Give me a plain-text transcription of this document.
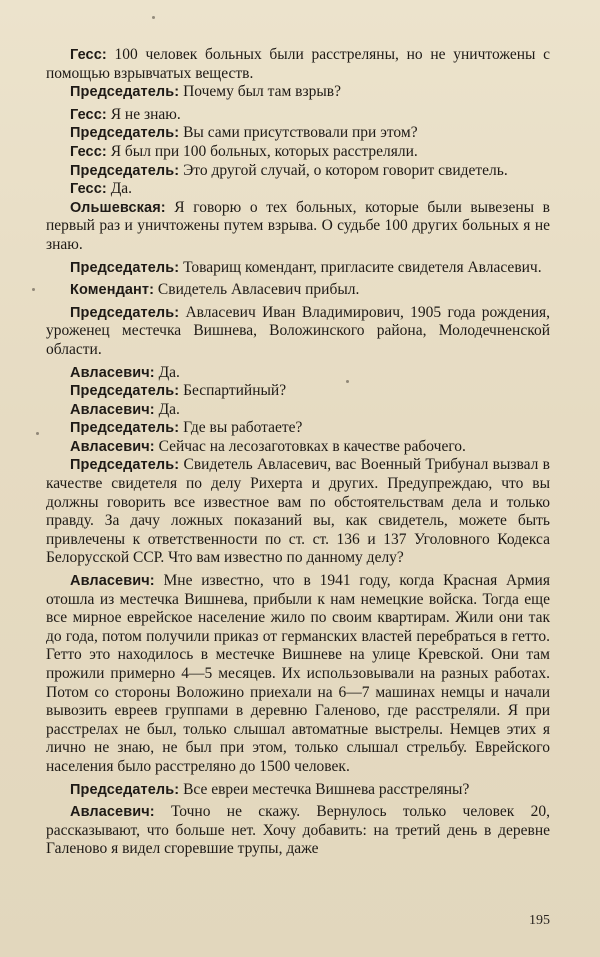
Гесс: 100 человек больных были расстреляны, но не уничтожены с помощью взрывчатых веществ.

Председатель: Почему был там взрыв?

Гесс: Я не знаю.

Председатель: Вы сами присутствовали при этом?

Гесс: Я был при 100 больных, которых расстреляли.

Председатель: Это другой случай, о котором говорит свидетель.

Гесс: Да.

Ольшевская: Я говорю о тех больных, которые были вывезены в первый раз и уничтожены путем взрыва. О судьбе 100 других больных я не знаю.

Председатель: Товарищ комендант, пригласите свидетеля Авласевич.

Комендант: Свидетель Авласевич прибыл.

Председатель: Авласевич Иван Владимирович, 1905 года рождения, уроженец местечка Вишнева, Воложинского района, Молодечненской области.

Авласевич: Да.

Председатель: Беспартийный?

Авласевич: Да.

Председатель: Где вы работаете?

Авласевич: Сейчас на лесозаготовках в качестве рабочего.

Председатель: Свидетель Авласевич, вас Военный Трибунал вызвал в качестве свидетеля по делу Рихерта и других. Предупреждаю, что вы должны говорить все известное вам по обстоятельствам дела и только правду. За дачу ложных показаний вы, как свидетель, можете быть привлечены к ответственности по ст. ст. 136 и 137 Уголовного Кодекса Белорусской ССР. Что вам известно по данному делу?

Авласевич: Мне известно, что в 1941 году, когда Красная Армия отошла из местечка Вишнева, прибыли к нам немецкие войска. Тогда еще все мирное еврейское население жило по своим квартирам. Жили они так до года, потом получили приказ от германских властей перебраться в гетто. Гетто это находилось в местечке Вишневе на улице Кревской. Они там прожили примерно 4—5 месяцев. Их использовывали на разных работах. Потом со стороны Воложино приехали на 6—7 машинах немцы и начали вывозить евреев группами в деревню Галеново, где расстреляли. Я при расстрелах не был, только слышал автоматные выстрелы. Немцев этих я лично не знаю, не был при этом, только слышал стрельбу. Еврейского населения было расстреляно до 1500 человек.

Председатель: Все евреи местечка Вишнева расстреляны?

Авласевич: Точно не скажу. Вернулось только человек 20, рассказывают, что больше нет. Хочу добавить: на третий день в деревне Галеново я видел сгоревшие трупы, даже

195
